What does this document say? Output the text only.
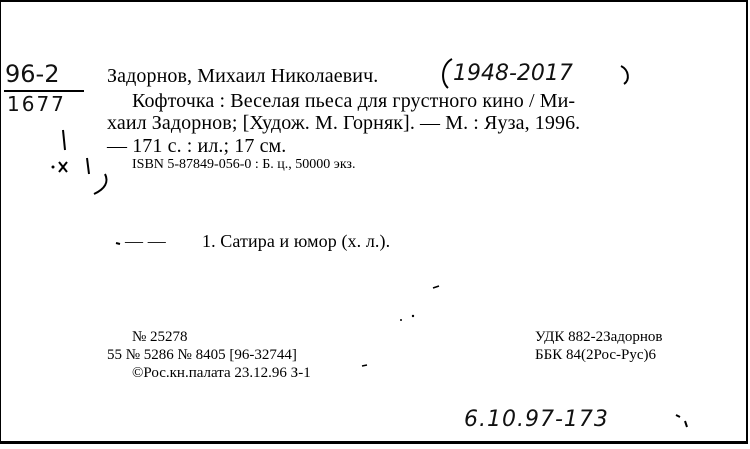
96-2
1677
Задорнов, Михаил Николаевич.	1948-2017
Кофточка : Веселая пьеса для грустного кино / Ми-
хаил Задорнов; [Худож. М. Горняк]. — М. : Яуза, 1996.
— 171 с. : ил.; 17 см.
ISBN 5-87849-056-0 : Б. ц., 50000 экз.
— — 1. Сатира и юмор (х. л.).
№ 25278
55 № 5286 № 8405 [96-32744]
©Рос.кн.палата 23.12.96 З-1
УДК 882-2Задорнов
ББК 84(2Рос-Рус)6
6.10.97-173
